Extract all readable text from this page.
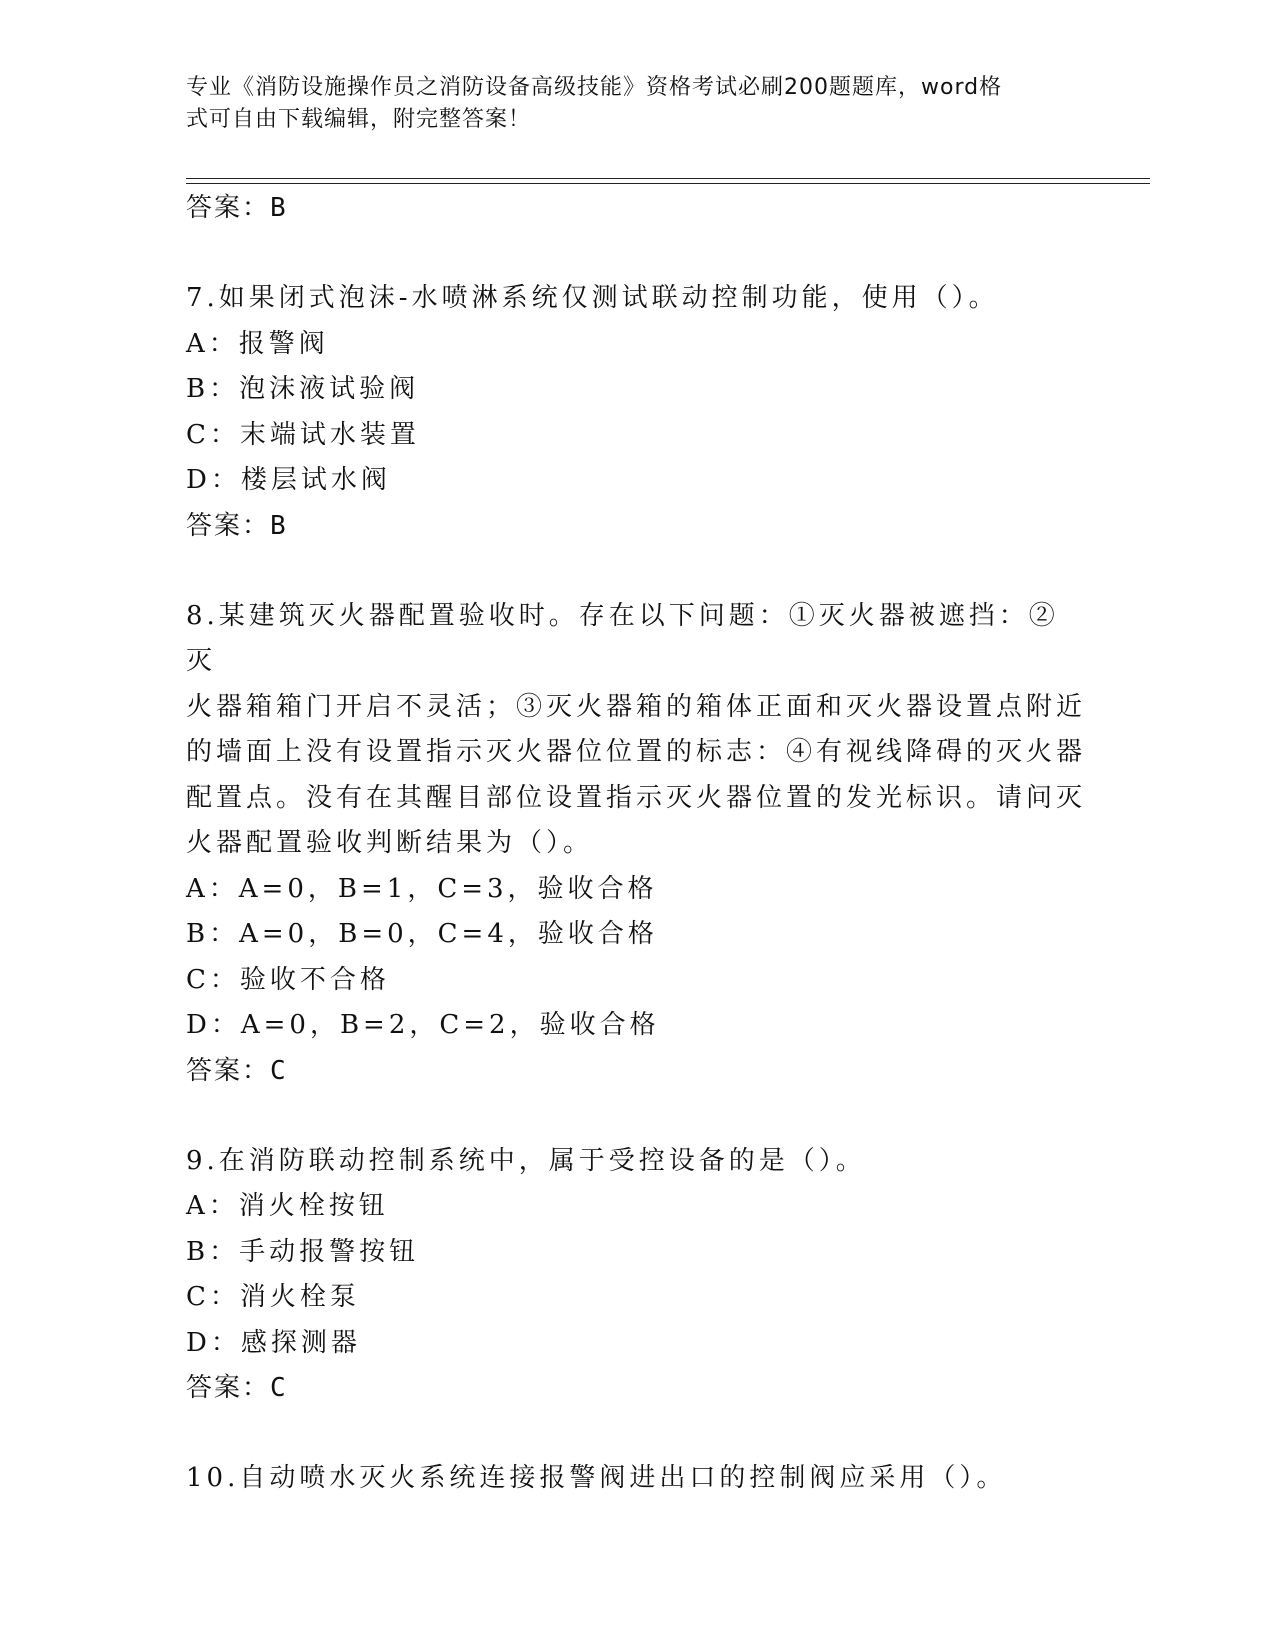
专业《消防设施操作员之消防设备高级技能》资格考试必刷200题题库，word格
式可自由下载编辑，附完整答案！

答案：B

7.如果闭式泡沫-水喷淋系统仅测试联动控制功能，使用（）。

A：报警阀

B：泡沫液试验阀

C：末端试水装置

D：楼层试水阀

答案：B

8.某建筑灭火器配置验收时。存在以下问题：①灭火器被遮挡：②灭

火器箱箱门开启不灵活；③灭火器箱的箱体正面和灭火器设置点附近

的墙面上没有设置指示灭火器位位置的标志：④有视线降碍的灭火器

配置点。没有在其醒目部位设置指示灭火器位置的发光标识。请问灭

火器配置验收判断结果为（）。

A：A=0，B=1，C=3，验收合格

B：A=0，B=0，C=4，验收合格

C：验收不合格

D：A=0，B=2，C=2，验收合格

答案：C

9.在消防联动控制系统中，属于受控设备的是（）。

A：消火栓按钮

B：手动报警按钮

C：消火栓泵

D：感探测器

答案：C

10.自动喷水灭火系统连接报警阀进出口的控制阀应采用（）。
